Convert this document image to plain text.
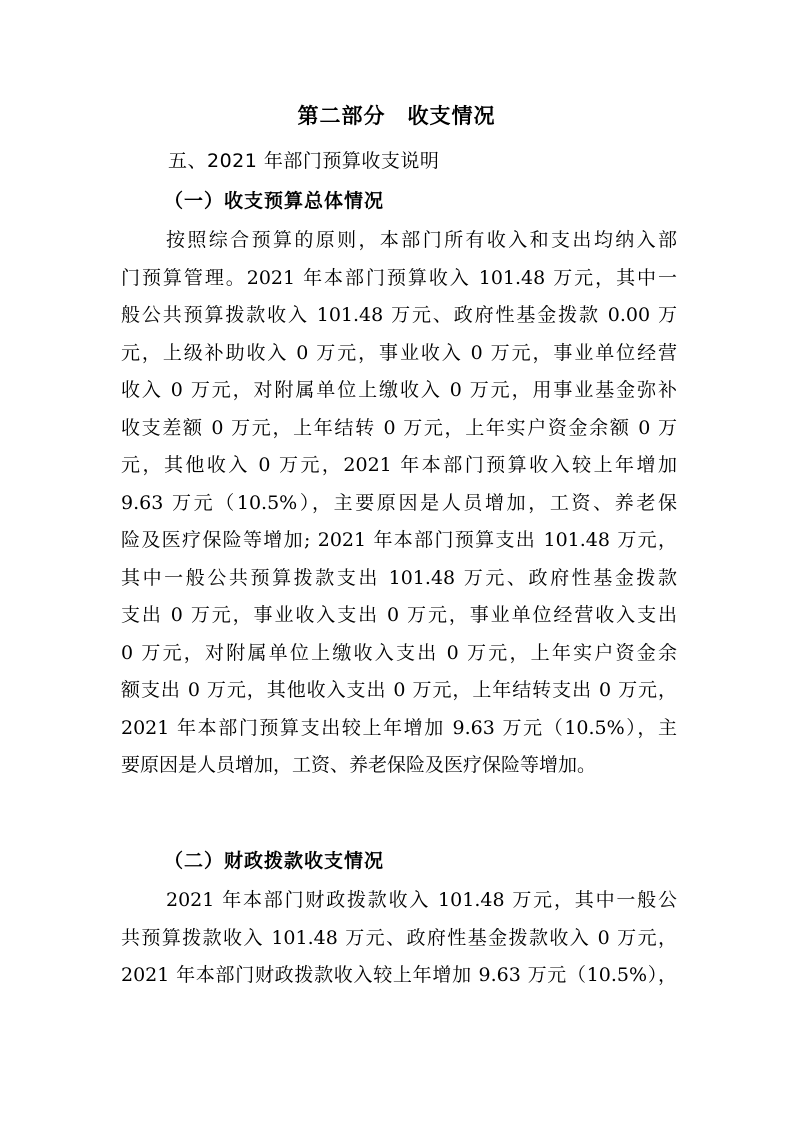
第二部分 收支情况
五、2021 年部门预算收支说明
（一）收支预算总体情况
按照综合预算的原则，本部门所有收入和支出均纳入部
门预算管理。2021 年本部门预算收入 101.48 万元，其中一
般公共预算拨款收入 101.48 万元、政府性基金拨款 0.00 万
元，上级补助收入 0 万元，事业收入 0 万元，事业单位经营
收入 0 万元，对附属单位上缴收入 0 万元，用事业基金弥补
收支差额 0 万元，上年结转 0 万元，上年实户资金余额 0 万
元，其他收入 0 万元，2021 年本部门预算收入较上年增加
9.63 万元（10.5%），主要原因是人员增加，工资、养老保
险及医疗保险等增加; 2021 年本部门预算支出 101.48 万元，
其中一般公共预算拨款支出 101.48 万元、政府性基金拨款
支出 0 万元，事业收入支出 0 万元，事业单位经营收入支出
0 万元，对附属单位上缴收入支出 0 万元，上年实户资金余
额支出 0 万元，其他收入支出 0 万元，上年结转支出 0 万元，
2021 年本部门预算支出较上年增加 9.63 万元（10.5%），主
要原因是人员增加，工资、养老保险及医疗保险等增加。
（二）财政拨款收支情况
2021 年本部门财政拨款收入 101.48 万元，其中一般公
共预算拨款收入 101.48 万元、政府性基金拨款收入 0 万元，
2021 年本部门财政拨款收入较上年增加 9.63 万元（10.5%），
